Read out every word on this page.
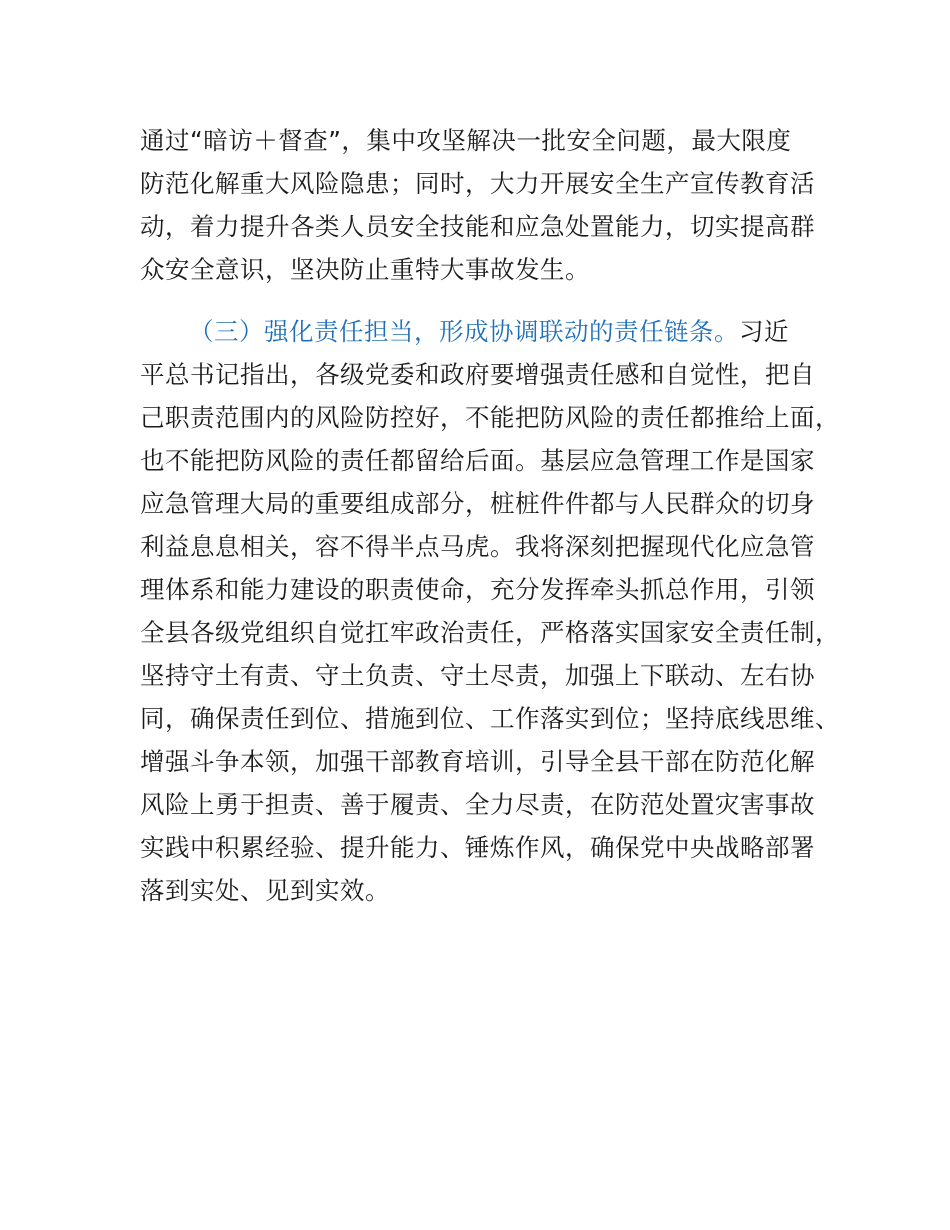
通过“暗访＋督查”，集中攻坚解决一批安全问题，最大限度
防范化解重大风险隐患；同时，大力开展安全生产宣传教育活
动，着力提升各类人员安全技能和应急处置能力，切实提高群
众安全意识，坚决防止重特大事故发生。
（三）强化责任担当，形成协调联动的责任链条。习近
平总书记指出，各级党委和政府要增强责任感和自觉性，把自
己职责范围内的风险防控好，不能把防风险的责任都推给上面，
也不能把防风险的责任都留给后面。基层应急管理工作是国家
应急管理大局的重要组成部分，桩桩件件都与人民群众的切身
利益息息相关，容不得半点马虎。我将深刻把握现代化应急管
理体系和能力建设的职责使命，充分发挥牵头抓总作用，引领
全县各级党组织自觉扛牢政治责任，严格落实国家安全责任制，
坚持守土有责、守土负责、守土尽责，加强上下联动、左右协
同，确保责任到位、措施到位、工作落实到位；坚持底线思维、
增强斗争本领，加强干部教育培训，引导全县干部在防范化解
风险上勇于担责、善于履责、全力尽责，在防范处置灾害事故
实践中积累经验、提升能力、锤炼作风，确保党中央战略部署
落到实处、见到实效。
